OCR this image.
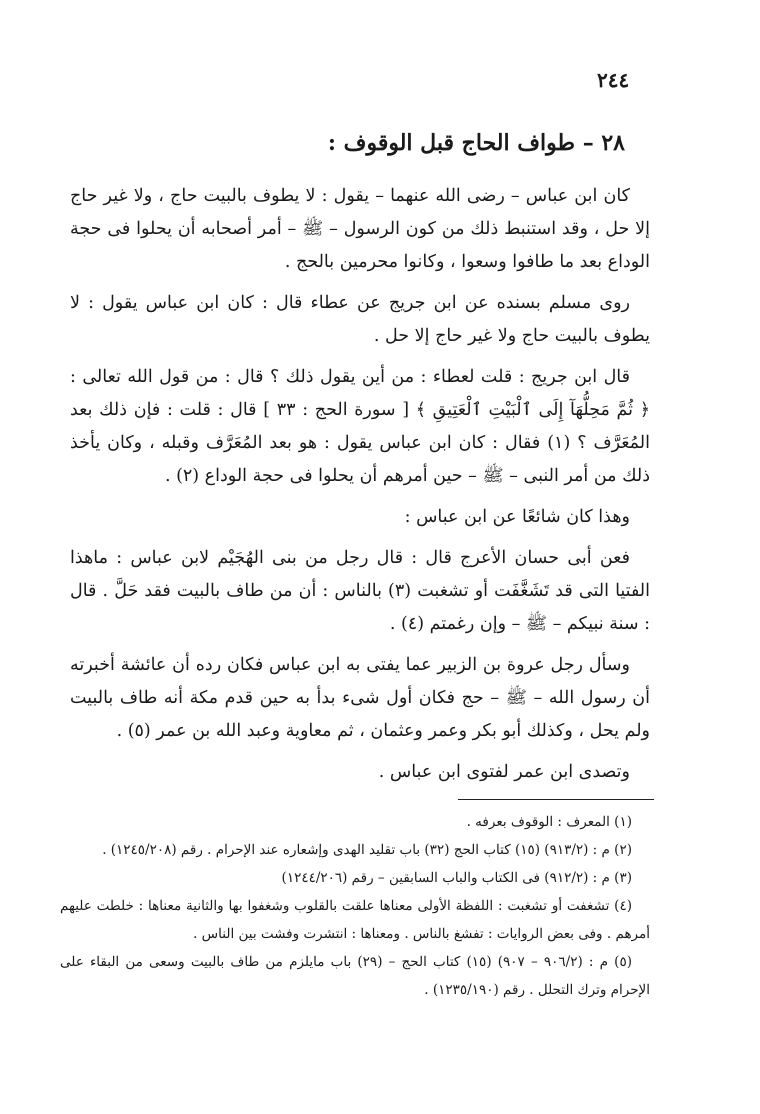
٢٤٤
٢٨ – طواف الحاج قبل الوقوف :

كان ابن عباس – رضى الله عنهما – يقول : لا يطوف بالبيت حاج ، ولا غير حاج إلا حل ، وقد استنبط ذلك من كون الرسول – ﷺ – أمر أصحابه أن يحلوا فى حجة الوداع بعد ما طافوا وسعوا ، وكانوا محرمين بالحج .

روى مسلم بسنده عن ابن جريج عن عطاء قال : كان ابن عباس يقول : لا يطوف بالبيت حاج ولا غير حاج إلا حل .

قال ابن جريج : قلت لعطاء : من أين يقول ذلك ؟ قال : من قول الله تعالى : ﴿ ثُمَّ مَحِلُّهَآ إِلَى ٱلْبَيْتِ ٱلْعَتِيقِ ﴾ [ سورة الحج : ٣٣ ] قال : قلت : فإن ذلك بعد المُعَرَّف ؟ (١) فقال : كان ابن عباس يقول : هو بعد المُعَرَّف وقبله ، وكان يأخذ ذلك من أمر النبى – ﷺ – حين أمرهم أن يحلوا فى حجة الوداع (٢) .

وهذا كان شائعًا عن ابن عباس :

فعن أبى حسان الأعرج قال : قال رجل من بنى الهُجَيْم لابن عباس : ماهذا الفتيا التى قد تَشَغَّفَت أو تشغبت (٣) بالناس : أن من طاف بالبيت فقد حَلَّ . قال : سنة نبيكم – ﷺ – وإن رغمتم (٤) .

وسأل رجل عروة بن الزبير عما يفتى به ابن عباس فكان رده أن عائشة أخبرته أن رسول الله – ﷺ – حج فكان أول شىء بدأ به حين قدم مكة أنه طاف بالبيت ولم يحل ، وكذلك أبو بكر وعمر وعثمان ، ثم معاوية وعبد الله بن عمر (٥) .

وتصدى ابن عمر لفتوى ابن عباس .

(١) المعرف : الوقوف بعرفه .

(٢) م : (٩١٣/٢) (١٥) كتاب الحج (٣٢) باب تقليد الهدى وإشعاره عند الإحرام . رقم (١٢٤٥/٢٠٨) .

(٣) م : (٩١٢/٢) فى الكتاب والباب السابقين – رقم (١٢٤٤/٢٠٦)

(٤) تشغفت أو تشغبت : اللفظة الأولى معناها علقت بالقلوب وشغفوا بها والثانية معناها : خلطت عليهم أمرهم . وفى بعض الروايات : تفشغ بالناس . ومعناها : انتشرت وفشت بين الناس .

(٥) م : (٩٠٦/٢ – ٩٠٧) (١٥) كتاب الحج – (٢٩) باب مايلزم من طاف بالبيت وسعى من البقاء على الإحرام وترك التحلل . رقم (١٢٣٥/١٩٠) .
